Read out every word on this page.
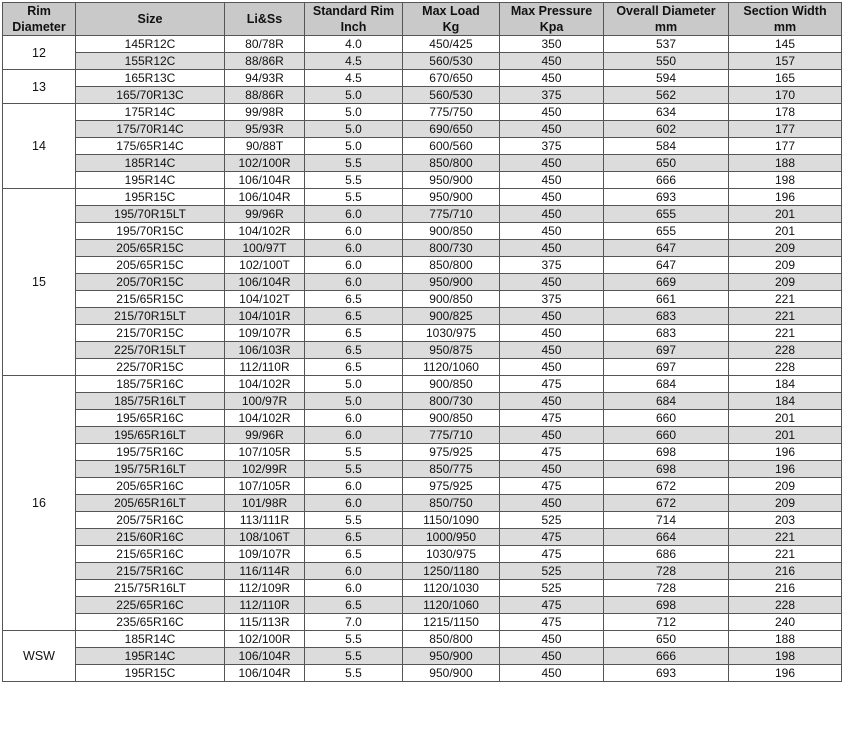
Rim Diameter	Size	Li&Ss	Standard Rim	Max Load	Max Pressure	Overall Diameter	Section Width
			Inch	Kg	Kpa	mm	mm
12	145R12C	80/78R	4.0	450/425	350	537	145
	155R12C	88/86R	4.5	560/530	450	550	157
13	165R13C	94/93R	4.5	670/650	450	594	165
	165/70R13C	88/86R	5.0	560/530	375	562	170
14	175R14C	99/98R	5.0	775/750	450	634	178
	175/70R14C	95/93R	5.0	690/650	450	602	177
	175/65R14C	90/88T	5.0	600/560	375	584	177
	185R14C	102/100R	5.5	850/800	450	650	188
	195R14C	106/104R	5.5	950/900	450	666	198
15	195R15C	106/104R	5.5	950/900	450	693	196
	195/70R15LT	99/96R	6.0	775/710	450	655	201
	195/70R15C	104/102R	6.0	900/850	450	655	201
	205/65R15C	100/97T	6.0	800/730	450	647	209
	205/65R15C	102/100T	6.0	850/800	375	647	209
	205/70R15C	106/104R	6.0	950/900	450	669	209
	215/65R15C	104/102T	6.5	900/850	375	661	221
	215/70R15LT	104/101R	6.5	900/825	450	683	221
	215/70R15C	109/107R	6.5	1030/975	450	683	221
	225/70R15LT	106/103R	6.5	950/875	450	697	228
	225/70R15C	112/110R	6.5	1120/1060	450	697	228
16	185/75R16C	104/102R	5.0	900/850	475	684	184
	185/75R16LT	100/97R	5.0	800/730	450	684	184
	195/65R16C	104/102R	6.0	900/850	475	660	201
	195/65R16LT	99/96R	6.0	775/710	450	660	201
	195/75R16C	107/105R	5.5	975/925	475	698	196
	195/75R16LT	102/99R	5.5	850/775	450	698	196
	205/65R16C	107/105R	6.0	975/925	475	672	209
	205/65R16LT	101/98R	6.0	850/750	450	672	209
	205/75R16C	113/111R	5.5	1150/1090	525	714	203
	215/60R16C	108/106T	6.5	1000/950	475	664	221
	215/65R16C	109/107R	6.5	1030/975	475	686	221
	215/75R16C	116/114R	6.0	1250/1180	525	728	216
	215/75R16LT	112/109R	6.0	1120/1030	525	728	216
	225/65R16C	112/110R	6.5	1120/1060	475	698	228
	235/65R16C	115/113R	7.0	1215/1150	475	712	240
WSW	185R14C	102/100R	5.5	850/800	450	650	188
	195R14C	106/104R	5.5	950/900	450	666	198
	195R15C	106/104R	5.5	950/900	450	693	196
